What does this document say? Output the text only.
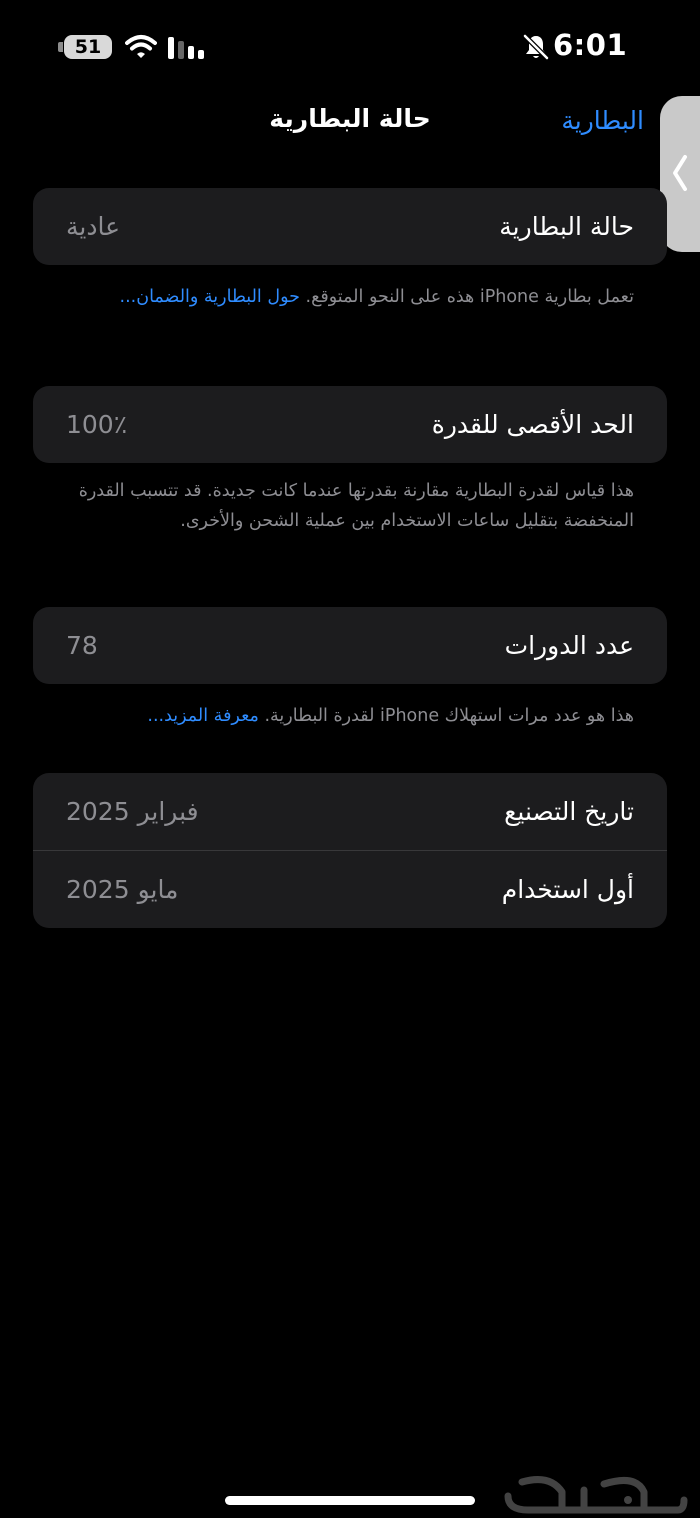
51	6:01
حالة البطارية	البطارية
حالة البطارية
عادية
تعمل بطارية iPhone هذه على النحو المتوقع. حول البطارية والضمان...
الحد الأقصى للقدرة
100٪
هذا قياس لقدرة البطارية مقارنة بقدرتها عندما كانت جديدة. قد تتسبب القدرة المنخفضة بتقليل ساعات الاستخدام بين عملية الشحن والأخرى.
عدد الدورات
78
هذا هو عدد مرات استهلاك iPhone لقدرة البطارية. معرفة المزيد...
تاريخ التصنيع
فبراير 2025
أول استخدام
مايو 2025
